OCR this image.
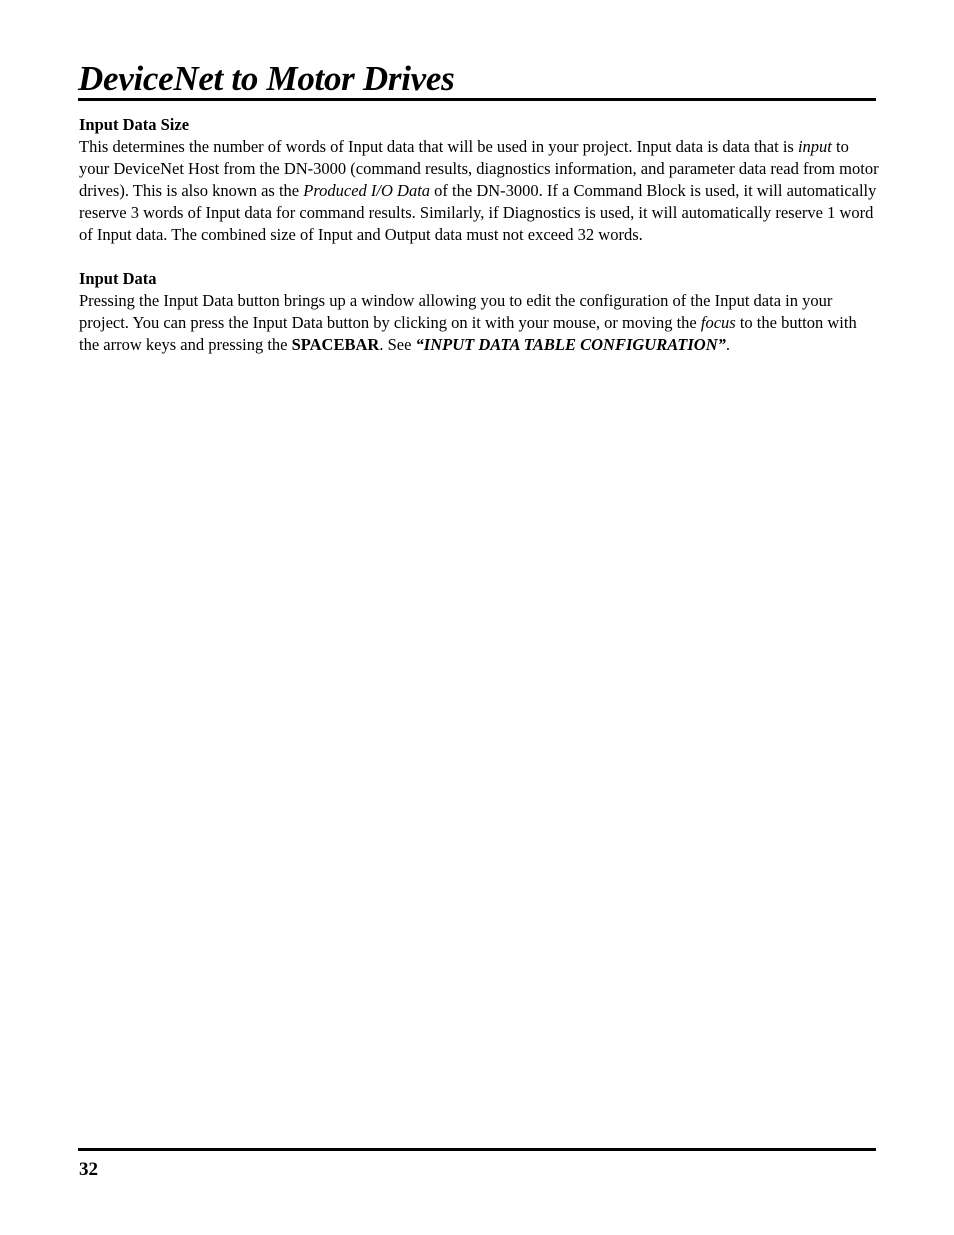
DeviceNet to Motor Drives

Input Data Size

This determines the number of words of Input data that will be used in your project. Input data is data that is input to your DeviceNet Host from the DN-3000 (command results, diagnostics information, and parameter data read from motor drives). This is also known as the Produced I/O Data of the DN-3000. If a Command Block is used, it will automatically reserve 3 words of Input data for command results. Similarly, if Diagnostics is used, it will automatically reserve 1 word of Input data. The combined size of Input and Output data must not exceed 32 words.

Input Data

Pressing the Input Data button brings up a window allowing you to edit the configuration of the Input data in your project. You can press the Input Data button by clicking on it with your mouse, or moving the focus to the button with the arrow keys and pressing the SPACEBAR. See “INPUT DATA TABLE CONFIGURATION”.

32
